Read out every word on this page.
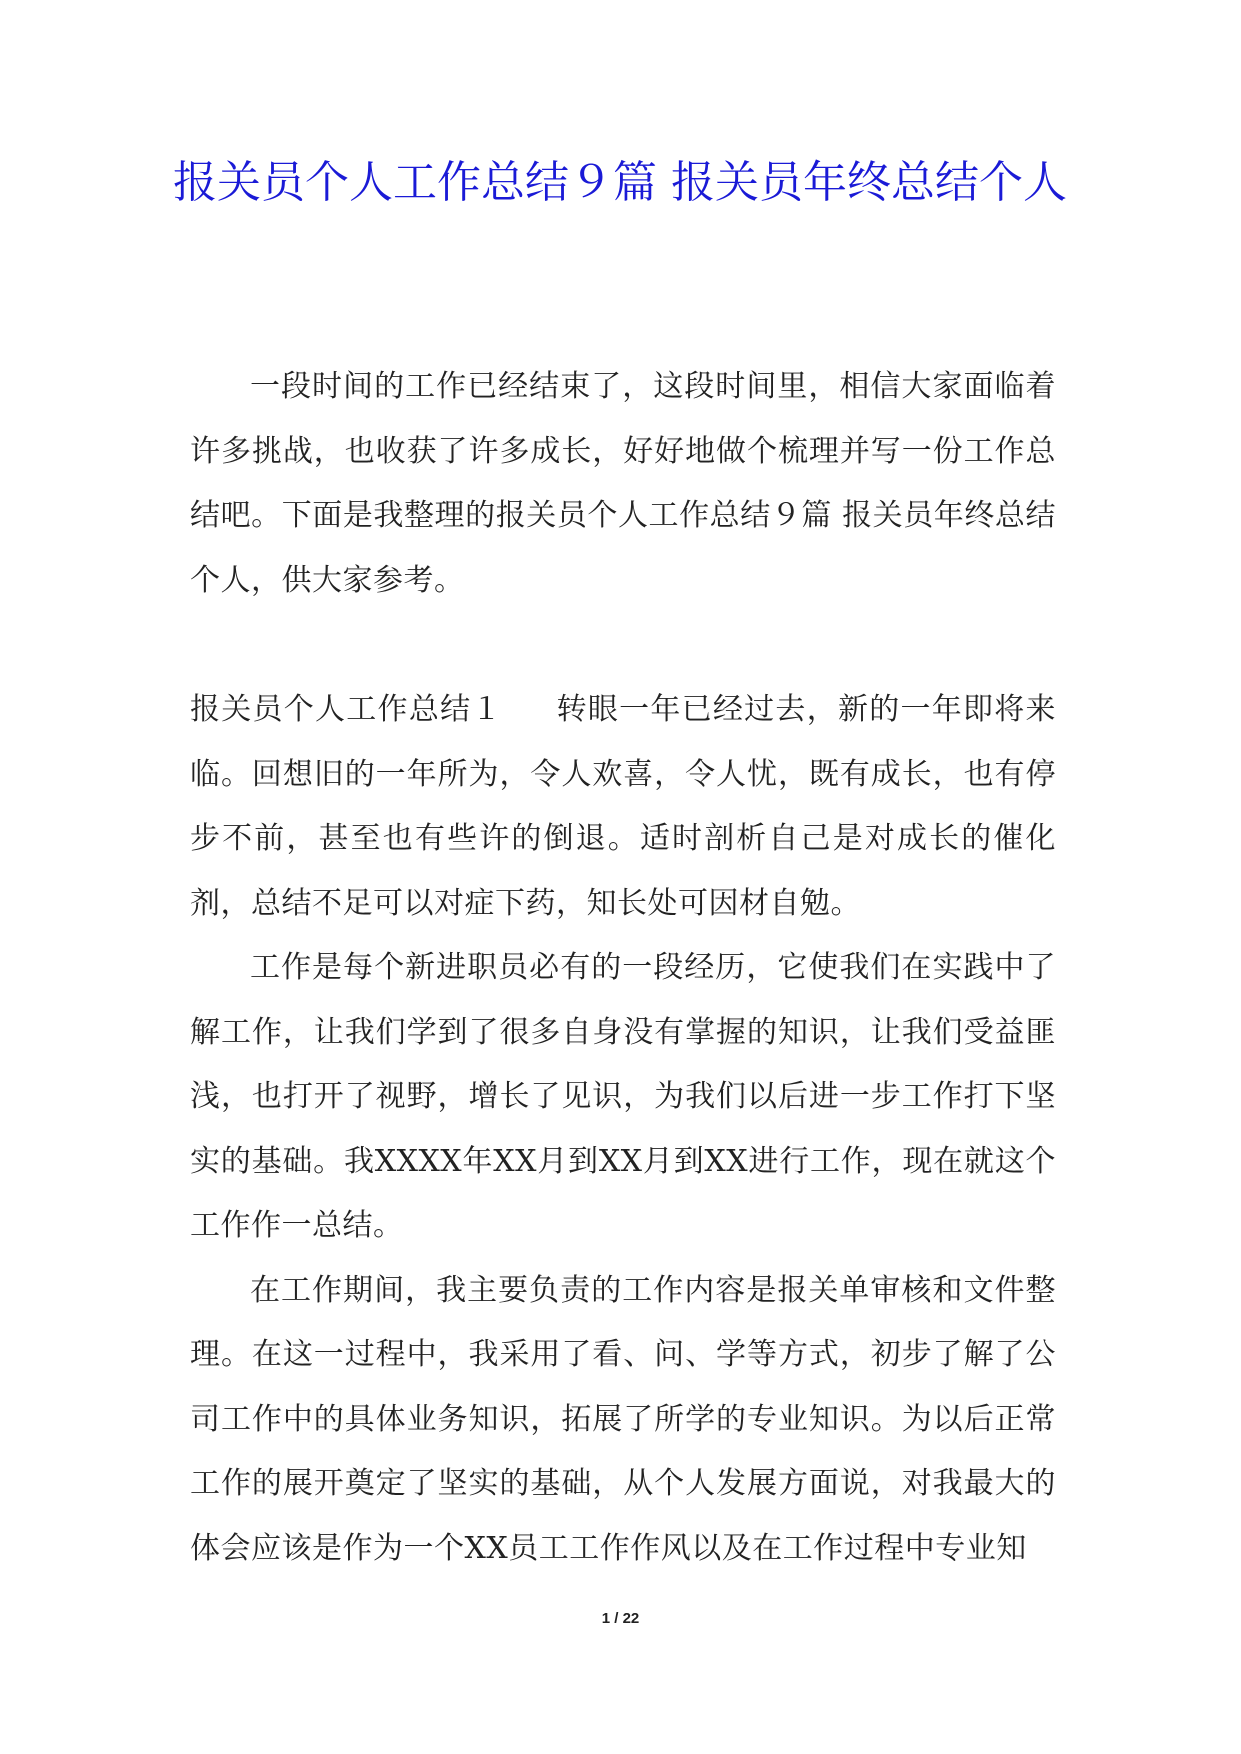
报关员个人工作总结９篇 报关员年终总结个人

一段时间的工作已经结束了，这段时间里，相信大家面临着许多挑战，也收获了许多成长，好好地做个梳理并写一份工作总结吧。下面是我整理的报关员个人工作总结９篇 报关员年终总结个人，供大家参考。

报关员个人工作总结１ 转眼一年已经过去，新的一年即将来临。回想旧的一年所为，令人欢喜，令人忧，既有成长，也有停步不前，甚至也有些许的倒退。适时剖析自己是对成长的催化剂，总结不足可以对症下药，知长处可因材自勉。

工作是每个新进职员必有的一段经历，它使我们在实践中了解工作，让我们学到了很多自身没有掌握的知识，让我们受益匪浅，也打开了视野，增长了见识，为我们以后进一步工作打下坚实的基础。我XXXX年XX月到XX月到XX进行工作，现在就这个工作作一总结。

在工作期间，我主要负责的工作内容是报关单审核和文件整理。在这一过程中，我采用了看、问、学等方式，初步了解了公司工作中的具体业务知识，拓展了所学的专业知识。为以后正常工作的展开奠定了坚实的基础，从个人发展方面说，对我最大的体会应该是作为一个XX员工工作作风以及在工作过程中专业知

1 / 22
